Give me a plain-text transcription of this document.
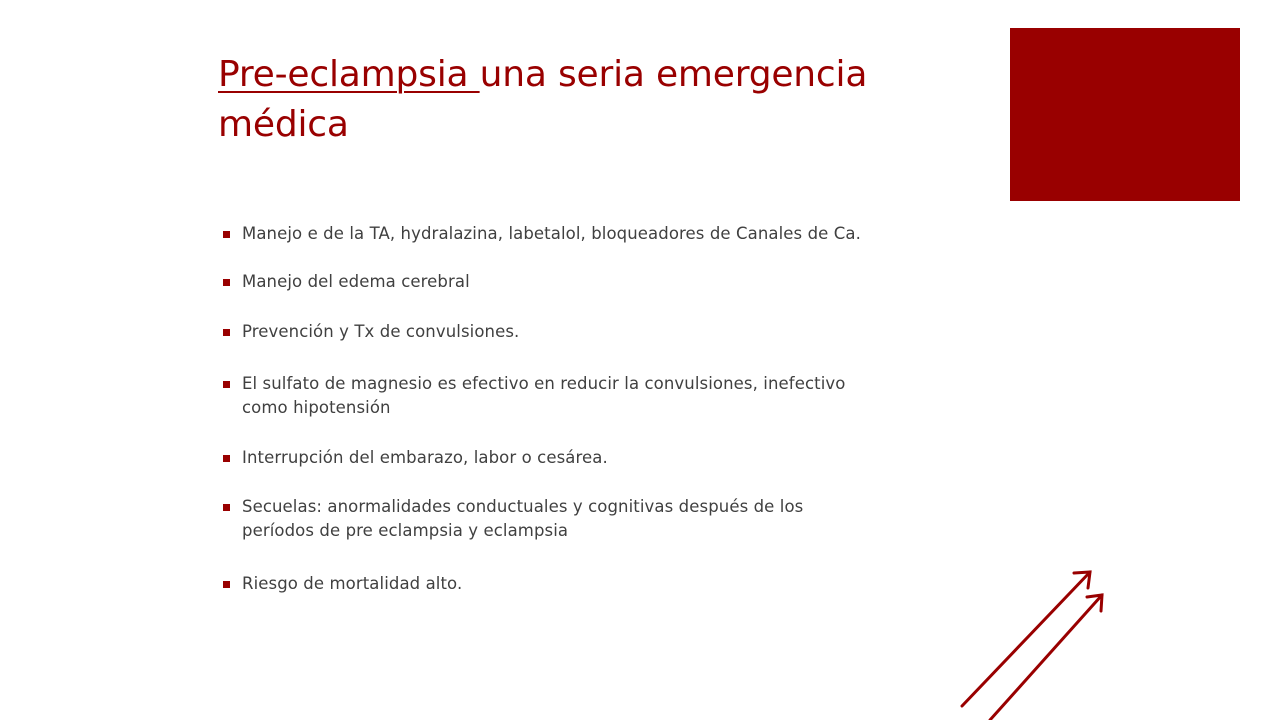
Pre-eclampsia una seria emergencia médica
Manejo e de la TA, hydralazina, labetalol, bloqueadores de Canales de Ca.
Manejo del edema cerebral
Prevención y Tx de convulsiones.
El sulfato de magnesio es efectivo en reducir la convulsiones, inefectivo
como hipotensión
Interrupción del embarazo, labor o cesárea.
Secuelas: anormalidades conductuales y cognitivas después de los
períodos de pre eclampsia y eclampsia
Riesgo de mortalidad alto.
